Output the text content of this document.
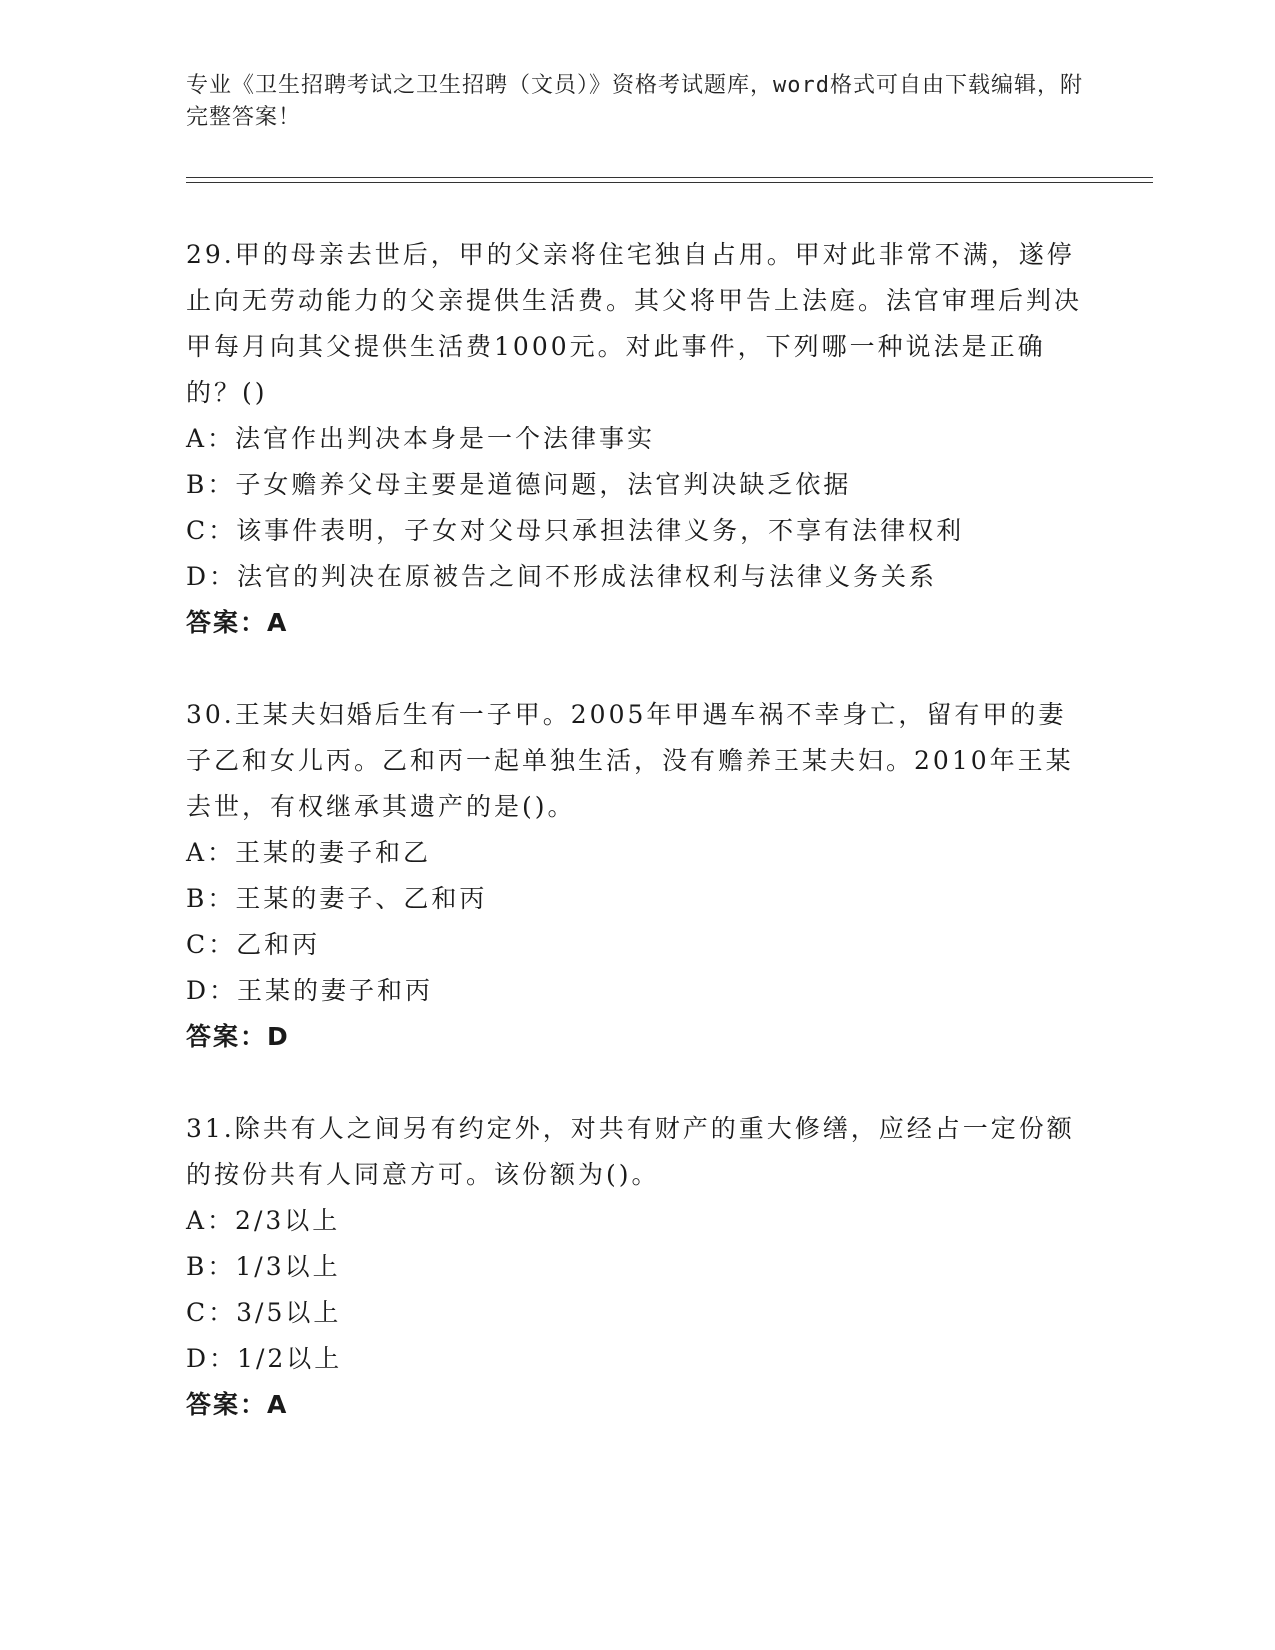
专业《卫生招聘考试之卫生招聘（文员）》资格考试题库，word格式可自由下载编辑，附完整答案！

29.甲的母亲去世后，甲的父亲将住宅独自占用。甲对此非常不满，遂停止向无劳动能力的父亲提供生活费。其父将甲告上法庭。法官审理后判决甲每月向其父提供生活费1000元。对此事件，下列哪一种说法是正确的？()

A：法官作出判决本身是一个法律事实

B：子女赡养父母主要是道德问题，法官判决缺乏依据

C：该事件表明，子女对父母只承担法律义务，不享有法律权利

D：法官的判决在原被告之间不形成法律权利与法律义务关系

答案：A

30.王某夫妇婚后生有一子甲。2005年甲遇车祸不幸身亡，留有甲的妻子乙和女儿丙。乙和丙一起单独生活，没有赡养王某夫妇。2010年王某去世，有权继承其遗产的是()。

A：王某的妻子和乙

B：王某的妻子、乙和丙

C：乙和丙

D：王某的妻子和丙

答案：D

31.除共有人之间另有约定外，对共有财产的重大修缮，应经占一定份额的按份共有人同意方可。该份额为()。

A：2/3以上

B：1/3以上

C：3/5以上

D：1/2以上

答案：A
